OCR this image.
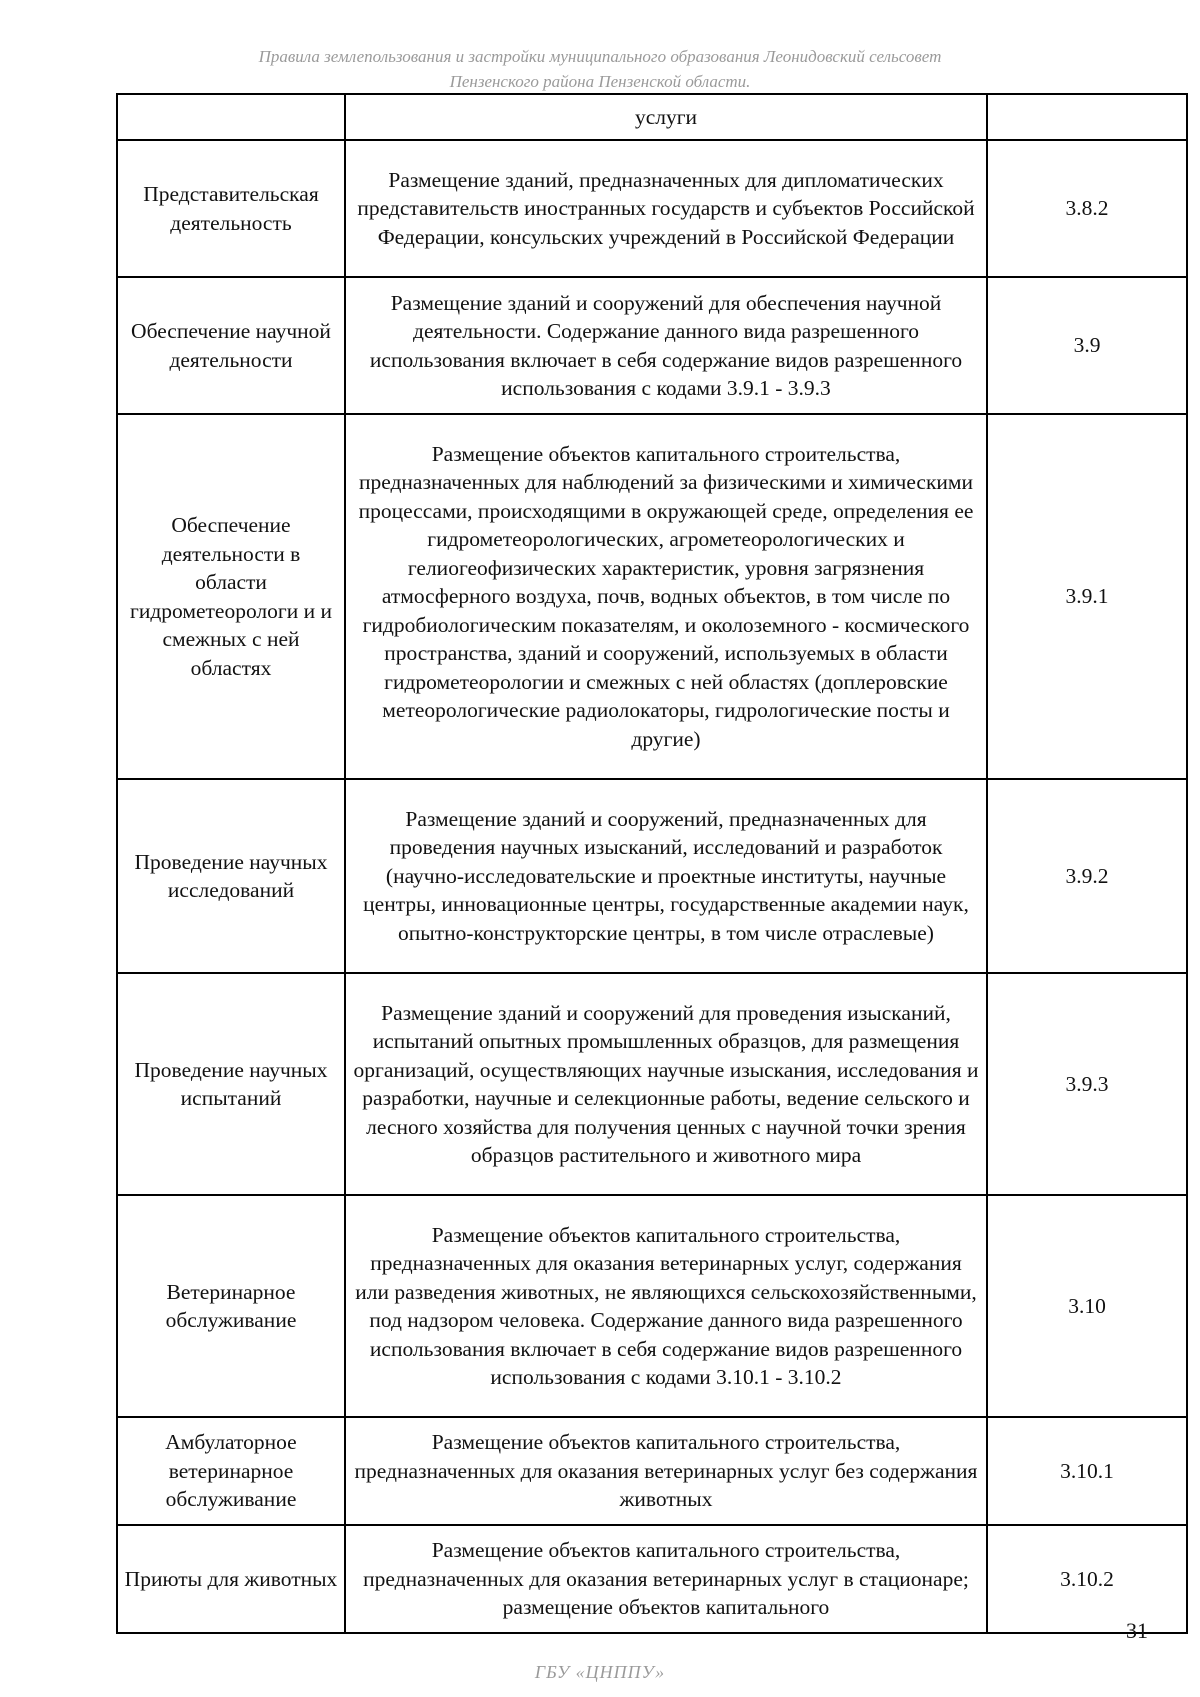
Правила землепользования и застройки муниципального образования Леонидовский сельсовет
Пензенского района Пензенской области.
	услуги	
Представительская деятельность	Размещение зданий, предназначенных для дипломатических представительств иностранных государств и субъектов Российской Федерации, консульских учреждений в Российской Федерации	3.8.2
Обеспечение научной деятельности	Размещение зданий и сооружений для обеспечения научной деятельности. Содержание данного вида разрешенного использования включает в себя содержание видов разрешенного использования с кодами 3.9.1 - 3.9.3	3.9
Обеспечение деятельности в области гидрометеорологи и и смежных с ней областях	Размещение объектов капитального строительства, предназначенных для наблюдений за физическими и химическими процессами, происходящими в окружающей среде, определения ее гидрометеорологических, агрометеорологических и гелиогеофизических характеристик, уровня загрязнения атмосферного воздуха, почв, водных объектов, в том числе по гидробиологическим показателям, и околоземного - космического пространства, зданий и сооружений, используемых в области гидрометеорологии и смежных с ней областях (доплеровские метеорологические радиолокаторы, гидрологические посты и другие)	3.9.1
Проведение научных исследований	Размещение зданий и сооружений, предназначенных для проведения научных изысканий, исследований и разработок (научно-исследовательские и проектные институты, научные центры, инновационные центры, государственные академии наук, опытно-конструкторские центры, в том числе отраслевые)	3.9.2
Проведение научных испытаний	Размещение зданий и сооружений для проведения изысканий, испытаний опытных промышленных образцов, для размещения организаций, осуществляющих научные изыскания, исследования и разработки, научные и селекционные работы, ведение сельского и лесного хозяйства для получения ценных с научной точки зрения образцов растительного и животного мира	3.9.3
Ветеринарное обслуживание	Размещение объектов капитального строительства, предназначенных для оказания ветеринарных услуг, содержания или разведения животных, не являющихся сельскохозяйственными, под надзором человека. Содержание данного вида разрешенного использования включает в себя содержание видов разрешенного использования с кодами 3.10.1 - 3.10.2	3.10
Амбулаторное ветеринарное обслуживание	Размещение объектов капитального строительства, предназначенных для оказания ветеринарных услуг без содержания животных	3.10.1
Приюты для животных	Размещение объектов капитального строительства, предназначенных для оказания ветеринарных услуг в стационаре; размещение объектов капитального	3.10.2
31
ГБУ «ЦНППУ»
